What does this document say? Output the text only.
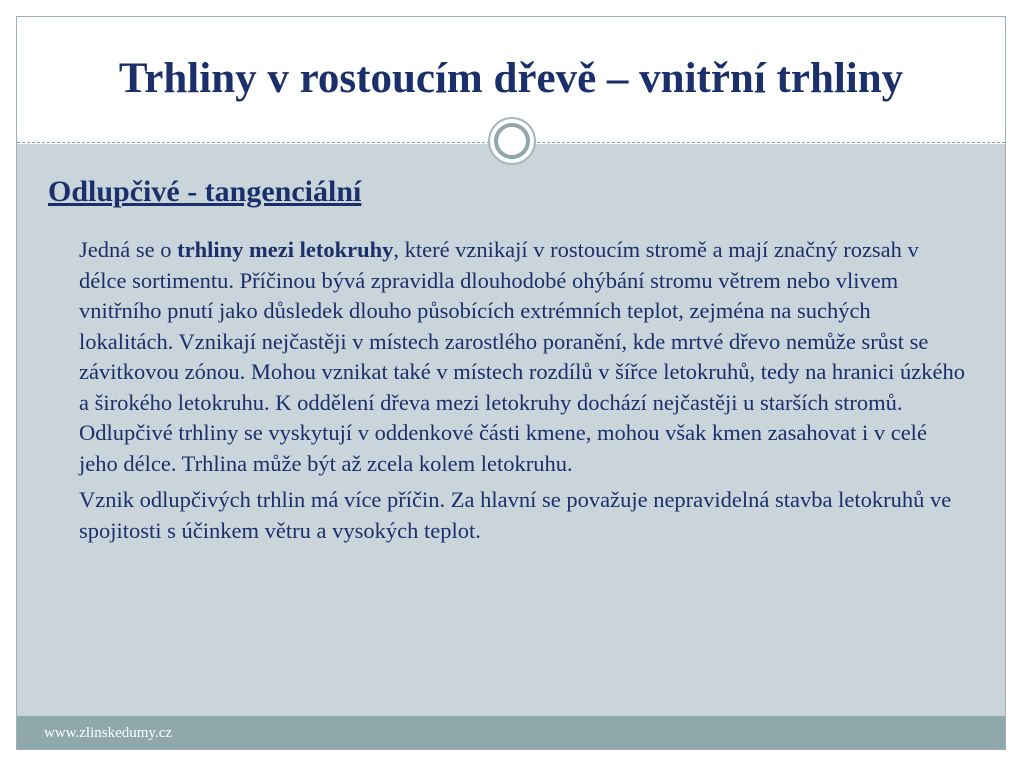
Trhliny v rostoucím dřevě – vnitřní trhliny
Odlupčivé - tangenciální

Jedná se o trhliny mezi letokruhy, které vznikají v rostoucím stromě a mají značný rozsah v délce sortimentu. Příčinou bývá zpravidla dlouhodobé ohýbání stromu větrem nebo vlivem vnitřního pnutí jako důsledek dlouho působících extrémních teplot, zejména na suchých lokalitách. Vznikají nejčastěji v místech zarostlého poranění, kde mrtvé dřevo nemůže srůst se závitkovou zónou. Mohou vznikat také v místech rozdílů v šířce letokruhů, tedy na hranici úzkého a širokého letokruhu. K oddělení dřeva mezi letokruhy dochází nejčastěji u starších stromů. Odlupčivé trhliny se vyskytují v oddenkové části kmene, mohou však kmen zasahovat i v celé jeho délce. Trhlina může být až zcela kolem letokruhu.

Vznik odlupčivých trhlin má více příčin. Za hlavní se považuje nepravidelná stavba letokruhů ve spojitosti s účinkem větru a vysokých teplot.

www.zlinskedumy.cz
